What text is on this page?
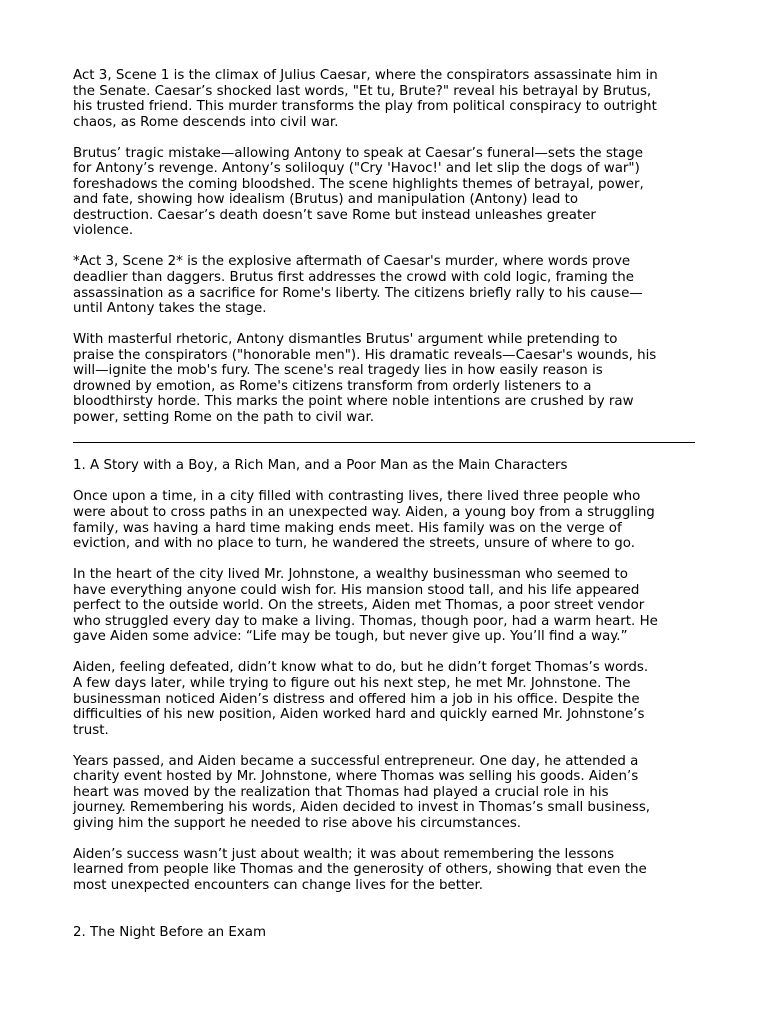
Act 3, Scene 1 is the climax of Julius Caesar, where the conspirators assassinate him in
the Senate. Caesar’s shocked last words, "Et tu, Brute?" reveal his betrayal by Brutus,
his trusted friend. This murder transforms the play from political conspiracy to outright
chaos, as Rome descends into civil war.

Brutus’ tragic mistake—allowing Antony to speak at Caesar’s funeral—sets the stage
for Antony’s revenge. Antony’s soliloquy ("Cry 'Havoc!' and let slip the dogs of war")
foreshadows the coming bloodshed. The scene highlights themes of betrayal, power,
and fate, showing how idealism (Brutus) and manipulation (Antony) lead to
destruction. Caesar’s death doesn’t save Rome but instead unleashes greater
violence.

*Act 3, Scene 2* is the explosive aftermath of Caesar's murder, where words prove
deadlier than daggers. Brutus first addresses the crowd with cold logic, framing the
assassination as a sacrifice for Rome's liberty. The citizens briefly rally to his cause—
until Antony takes the stage.

With masterful rhetoric, Antony dismantles Brutus' argument while pretending to
praise the conspirators ("honorable men"). His dramatic reveals—Caesar's wounds, his
will—ignite the mob's fury. The scene's real tragedy lies in how easily reason is
drowned by emotion, as Rome's citizens transform from orderly listeners to a
bloodthirsty horde. This marks the point where noble intentions are crushed by raw
power, setting Rome on the path to civil war.

1. A Story with a Boy, a Rich Man, and a Poor Man as the Main Characters

Once upon a time, in a city filled with contrasting lives, there lived three people who
were about to cross paths in an unexpected way. Aiden, a young boy from a struggling
family, was having a hard time making ends meet. His family was on the verge of
eviction, and with no place to turn, he wandered the streets, unsure of where to go.

In the heart of the city lived Mr. Johnstone, a wealthy businessman who seemed to
have everything anyone could wish for. His mansion stood tall, and his life appeared
perfect to the outside world. On the streets, Aiden met Thomas, a poor street vendor
who struggled every day to make a living. Thomas, though poor, had a warm heart. He
gave Aiden some advice: “Life may be tough, but never give up. You’ll find a way.”

Aiden, feeling defeated, didn’t know what to do, but he didn’t forget Thomas’s words.
A few days later, while trying to figure out his next step, he met Mr. Johnstone. The
businessman noticed Aiden’s distress and offered him a job in his office. Despite the
difficulties of his new position, Aiden worked hard and quickly earned Mr. Johnstone’s
trust.

Years passed, and Aiden became a successful entrepreneur. One day, he attended a
charity event hosted by Mr. Johnstone, where Thomas was selling his goods. Aiden’s
heart was moved by the realization that Thomas had played a crucial role in his
journey. Remembering his words, Aiden decided to invest in Thomas’s small business,
giving him the support he needed to rise above his circumstances.

Aiden’s success wasn’t just about wealth; it was about remembering the lessons
learned from people like Thomas and the generosity of others, showing that even the
most unexpected encounters can change lives for the better.

2. The Night Before an Exam
